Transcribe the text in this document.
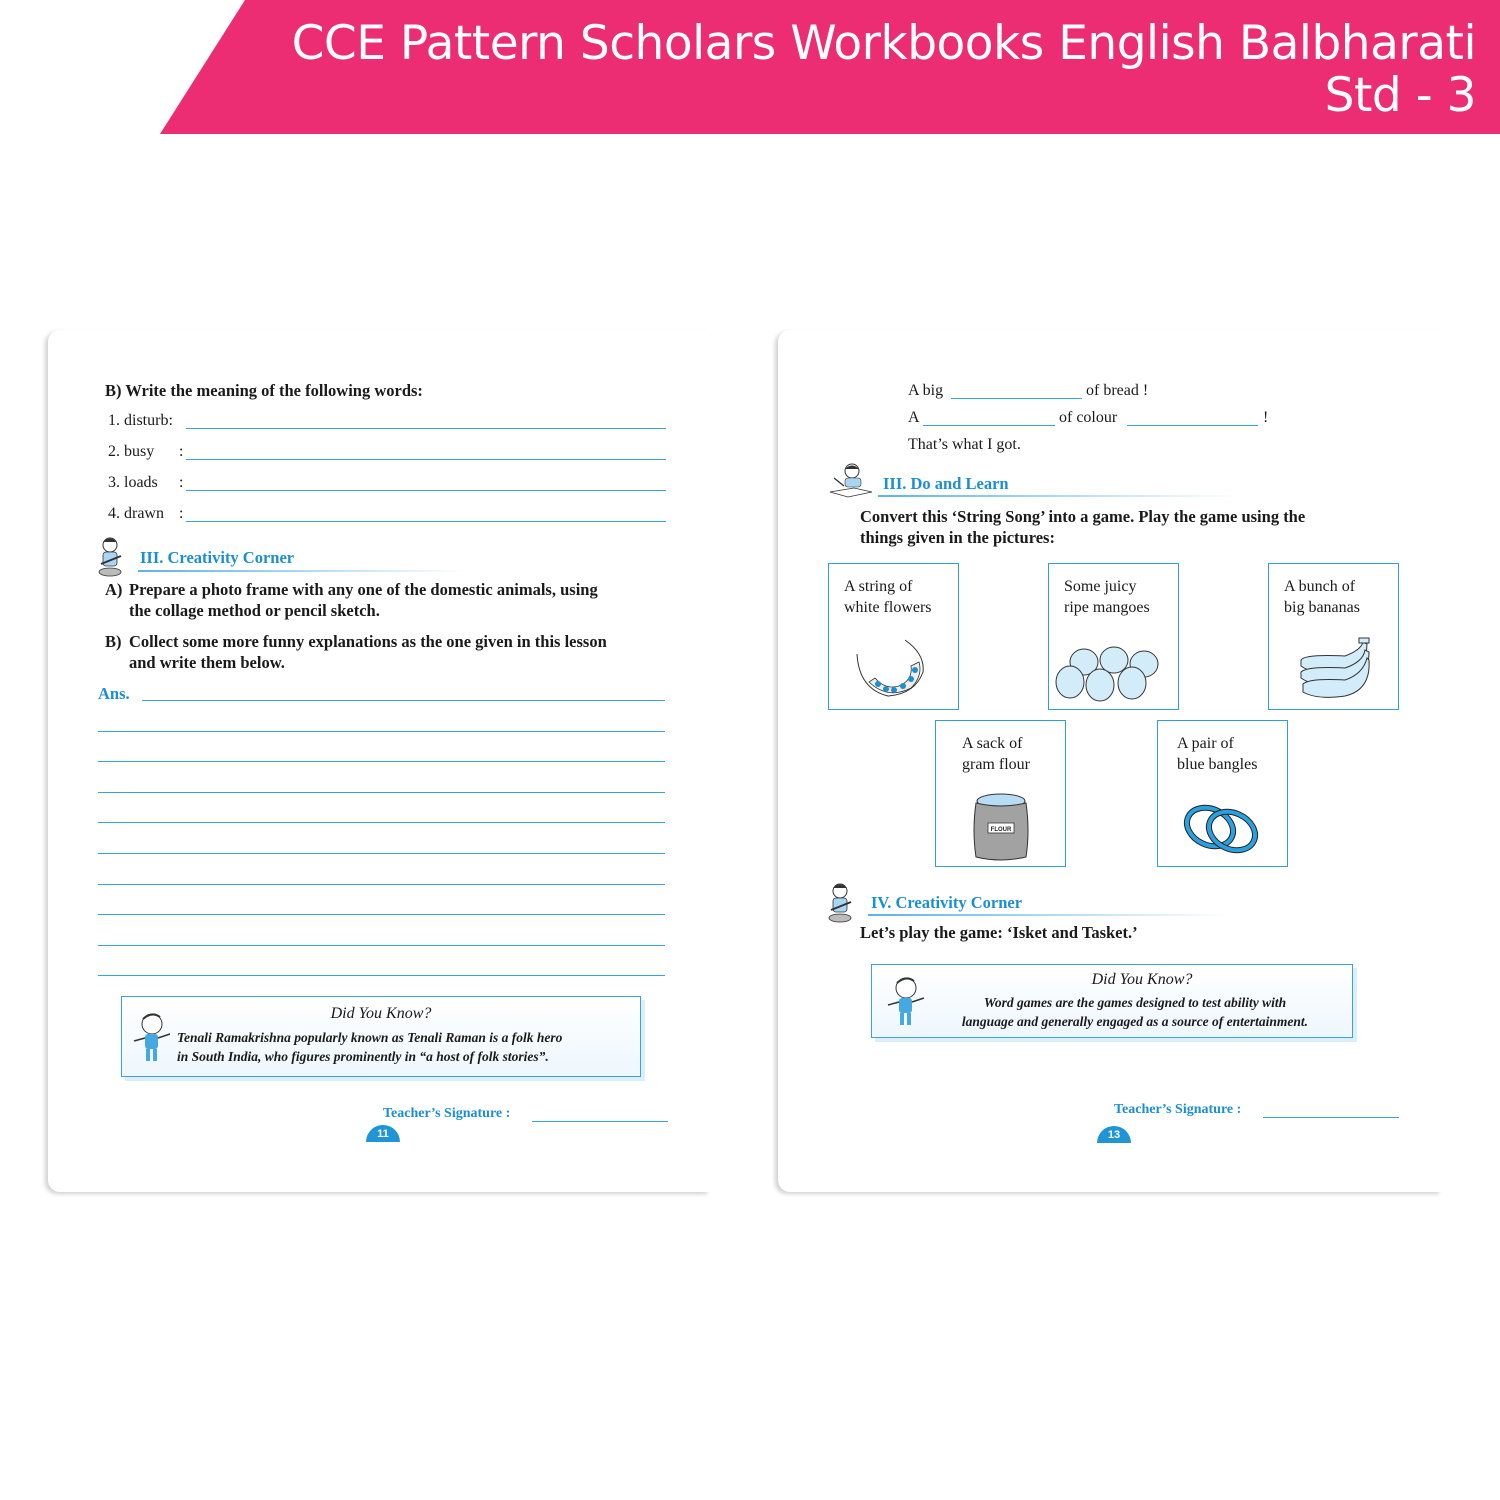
CCE Pattern Scholars Workbooks English Balbharati
Std - 3
B) Write the meaning of the following words:
1. disturb:
2. busy :
3. loads :
4. drawn :
III. Creativity Corner
A) Prepare a photo frame with any one of the domestic animals, using
the collage method or pencil sketch.
B) Collect some more funny explanations as the one given in this lesson
and write them below.
Ans.
Did You Know?
Tenali Ramakrishna popularly known as Tenali Raman is a folk hero
in South India, who figures prominently in “a host of folk stories”.
Teacher’s Signature :
11
A big	of bread !
A	of colour	!
That’s what I got.
III. Do and Learn
Convert this ‘String Song’ into a game. Play the game using the
things given in the pictures:
A string of
white flowers
Some juicy
ripe mangoes
A bunch of
big bananas
A sack of
gram flour
FLOUR
A pair of
blue bangles
IV. Creativity Corner
Let’s play the game: ‘Isket and Tasket.’
Did You Know?
Word games are the games designed to test ability with
language and generally engaged as a source of entertainment.
Teacher’s Signature :
13
